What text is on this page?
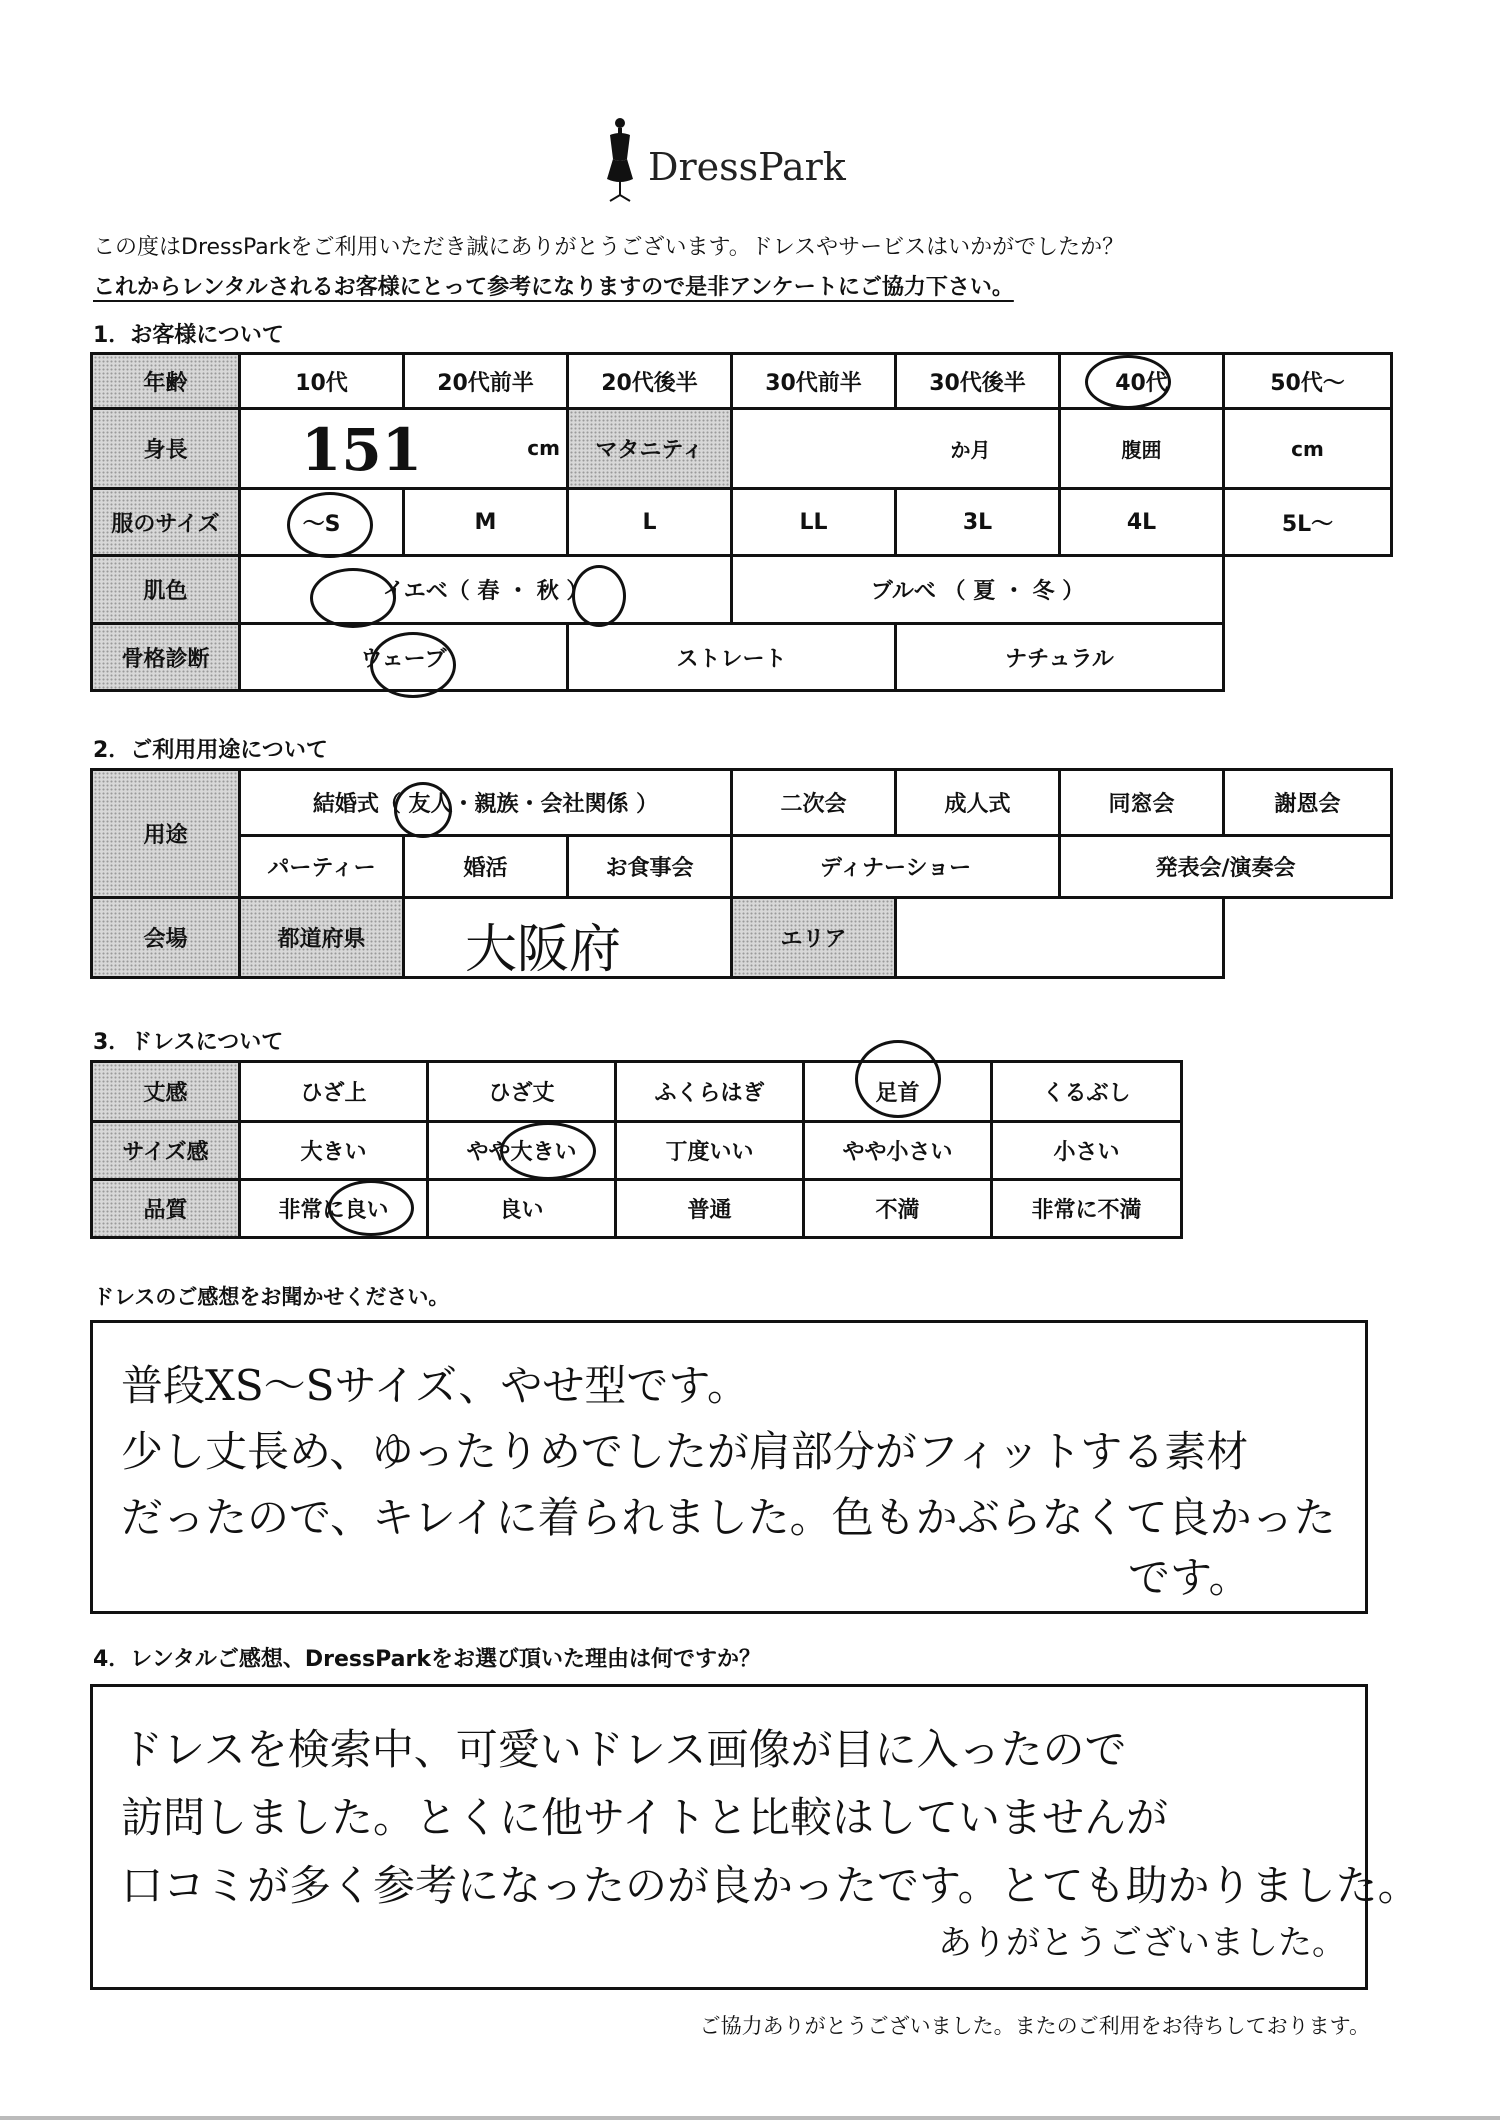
DressPark
この度はDressParkをご利用いただき誠にありがとうございます。ドレスやサービスはいかがでしたか？
これからレンタルされるお客様にとって参考になりますので是非アンケートにご協力下さい。
1．お客様について
年齢	10代	20代前半	20代後半	30代前半	30代後半	40代	50代～
身長	151 cm		マタニティ	か月		腹囲	cm
服のサイズ	～S	M	L	LL	3L	4L	5L～
肌色	イエベ（ 春 ・ 秋 ）			ブルべ （ 夏 ・ 冬 ）			
骨格診断	ウェーブ		ストレート		ナチュラル		
2．ご利用用途について
用途	結婚式（ 友人・親族・会社関係 ）			二次会	成人式	同窓会	謝恩会
	パーティー	婚活	お食事会	ディナーショー		発表会/演奏会	
会場	都道府県	大阪府		エリア			
3．ドレスについて
丈感	ひざ上	ひざ丈	ふくらはぎ	足首	くるぶし
サイズ感	大きい	やや大きい	丁度いい	やや小さい	小さい
品質	非常に良い	良い	普通	不満	非常に不満
ドレスのご感想をお聞かせください。
普段XS～Sサイズ、やせ型です。
少し丈長め、ゆったりめでしたが肩部分がフィットする素材
だったので、キレイに着られました。色もかぶらなくて良かった
です。
4．レンタルご感想、DressParkをお選び頂いた理由は何ですか？
ドレスを検索中、可愛いドレス画像が目に入ったので
訪問しました。とくに他サイトと比較はしていませんが
口コミが多く参考になったのが良かったです。とても助かりました。
ありがとうございました。
ご協力ありがとうございました。またのご利用をお待ちしております。
